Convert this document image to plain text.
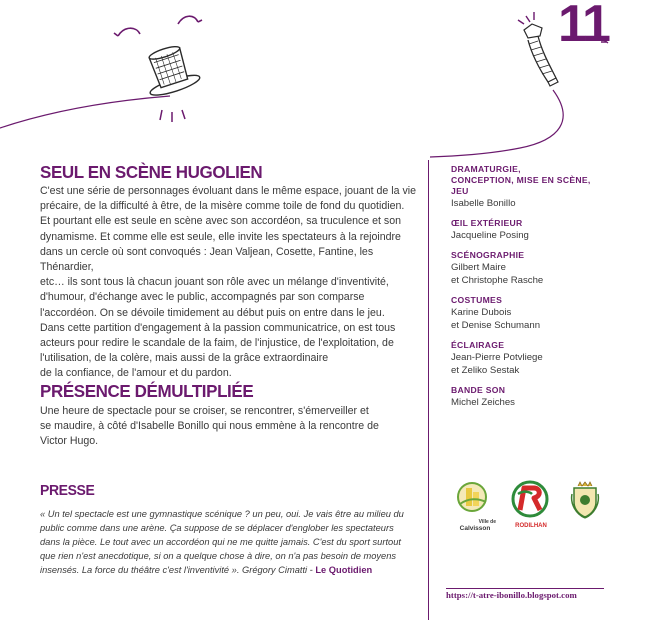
11
SEUL EN SCÈNE HUGOLIEN

C'est une série de personnages évoluant dans le même espace, jouant de la vie
précaire, de la difficulté à être, de la misère comme toile de fond du quotidien.
Et pourtant elle est seule en scène avec son accordéon, sa truculence et son
dynamisme. Et comme elle est seule, elle invite les spectateurs à la rejoindre
dans un cercle où sont convoqués : Jean Valjean, Cosette, Fantine, les Thénardier,
etc… ils sont tous là chacun jouant son rôle avec un mélange d'inventivité,
d'humour, d'échange avec le public, accompagnés par son comparse
l'accordéon. On se dévoile timidement au début puis on entre dans le jeu.
Dans cette partition d'engagement à la passion communicatrice, on est tous
acteurs pour redire le scandale de la faim, de l'injustice, de l'exploitation, de
l'utilisation, de la colère, mais aussi de la grâce extraordinaire
de la confiance, de l'amour et du pardon.

PRÉSENCE DÉMULTIPLIÉE

Une heure de spectacle pour se croiser, se rencontrer, s'émerveiller et
se maudire, à côté d'Isabelle Bonillo qui nous emmène à la rencontre de
Victor Hugo.

PRESSE

« Un tel spectacle est une gymnastique scénique ? un peu, oui. Je vais être au milieu du
public comme dans une arène. Ça suppose de se déplacer d'englober les spectateurs
dans la pièce. Le tout avec un accordéon qui ne me quitte jamais. C'est du sport surtout
que rien n'est anecdotique, si on a quelque chose à dire, on n'a pas besoin de moyens
insensés. La force du théâtre c'est l'inventivité ». Grégory Cimatti - Le Quotidien

DRAMATURGIE,
CONCEPTION, MISE EN SCÈNE,
JEU
Isabelle Bonillo
ŒIL EXTÉRIEUR
Jacqueline Posing
SCÉNOGRAPHIE
Gilbert Maire
et Christophe Rasche
COSTUMES
Karine Dubois
et Denise Schumann
ÉCLAIRAGE
Jean-Pierre Potvliege
et Zeliko Sestak
BANDE SON
Michel Zeiches
Ville de
Calvisson	RODILHAN
https://t-atre-ibonillo.blogspot.com
